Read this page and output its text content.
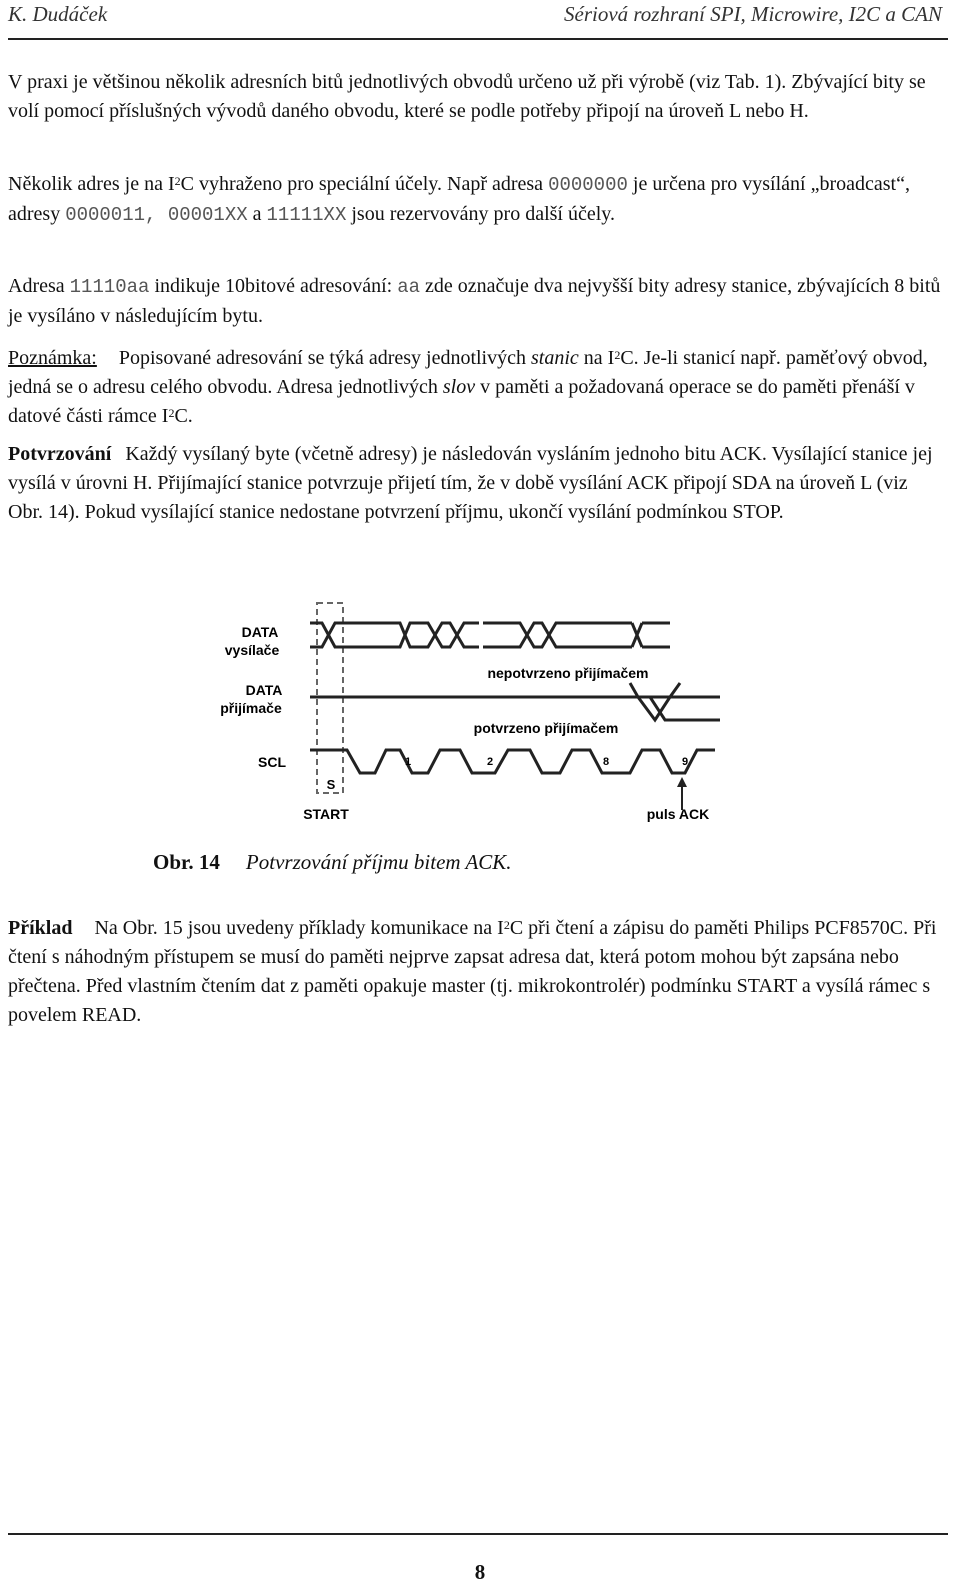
K. Dudáček	Sériová rozhraní SPI, Microwire, I2C a CAN

V praxi je většinou několik adresních bitů jednotlivých obvodů určeno už při výrobě (viz Tab. 1). Zbývající bity se volí pomocí příslušných vývodů daného obvodu, které se podle potřeby připojí na úroveň L nebo H.

Několik adres je na $I^2C$ vyhraženo pro speciální účely. Např adresa 0000000 je určena pro vysílání „broadcast“, adresy 0000011, 00001XX a 11111XX jsou rezervovány pro další účely.

Adresa 11110aa indikuje 10bitové adresování: aa zde označuje dva nejvyšší bity adresy stanice, zbývajících 8 bitů je vysíláno v následujícím bytu.

Poznámka: Popisované adresování se týká adresy jednotlivých stanic na $I^2C$. Je-li stanicí např. paměťový obvod, jedná se o adresu celého obvodu. Adresa jednotlivých slov v paměti a požadovaná operace se do paměti přenáší v datové části rámce $I^2C$.

Potvrzování Každý vysílaný byte (včetně adresy) je následován vysláním jednoho bitu ACK. Vysílající stanice jej vysílá v úrovni H. Přijímající stanice potvrzuje přijetí tím, že v době vysílání ACK připojí SDA na úroveň L (viz Obr. 14). Pokud vysílající stanice nedostane potvrzení příjmu, ukončí vysílání podmínkou STOP.

DATA
vysílače
DATA
přijímače
nepotvrzeno přijímačem
potvrzeno přijímačem
SCL
S
START	puls ACK
1	2	8	9
Obr. 14 Potvrzování příjmu bitem ACK.

Příklad Na Obr. 15 jsou uvedeny příklady komunikace na $I^2C$ při čtení a zápisu do paměti Philips PCF8570C. Při čtení s náhodným přístupem se musí do paměti nejprve zapsat adresa dat, která potom mohou být zapsána nebo přečtena. Před vlastním čtením dat z paměti opakuje master (tj. mikrokontrolér) podmínku START a vysílá rámec s povelem READ.

8
